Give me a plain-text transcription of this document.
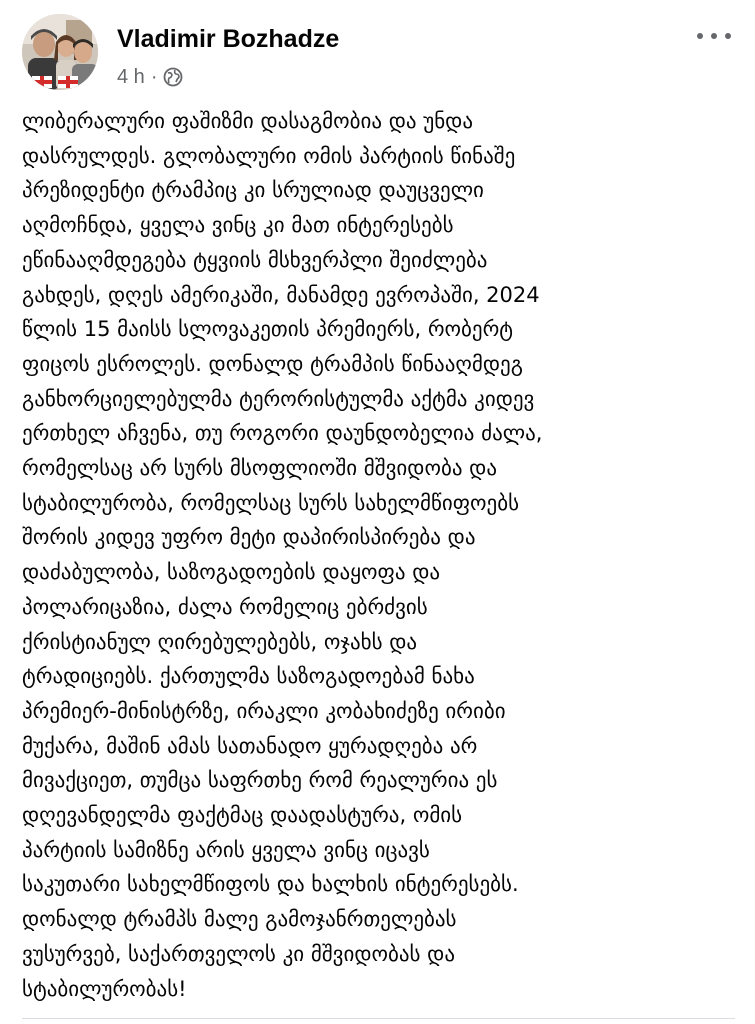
Vladimir Bozhadze
4 h ·
ლიბერალური ფაშიზმი დასაგმობია და უნდა
დასრულდეს. გლობალური ომის პარტიის წინაშე
პრეზიდენტი ტრამპიც კი სრულიად დაუცველი
აღმოჩნდა, ყველა ვინც კი მათ ინტერესებს
ეწინააღმდეგება ტყვიის მსხვერპლი შეიძლება
გახდეს, დღეს ამერიკაში, მანამდე ევროპაში, 2024
წლის 15 მაისს სლოვაკეთის პრემიერს, რობერტ
ფიცოს ესროლეს. დონალდ ტრამპის წინააღმდეგ
განხორციელებულმა ტერორისტულმა აქტმა კიდევ
ერთხელ აჩვენა, თუ როგორი დაუნდობელია ძალა,
რომელსაც არ სურს მსოფლიოში მშვიდობა და
სტაბილურობა, რომელსაც სურს სახელმწიფოებს
შორის კიდევ უფრო მეტი დაპირისპირება და
დაძაბულობა, საზოგადოების დაყოფა და
პოლარიცაზია, ძალა რომელიც ებრძვის
ქრისტიანულ ღირებულებებს, ოჯახს და
ტრადიციებს. ქართულმა საზოგადოებამ ნახა
პრემიერ-მინისტრზე, ირაკლი კობახიძეზე ირიბი
მუქარა, მაშინ ამას სათანადო ყურადღება არ
მივაქციეთ, თუმცა საფრთხე რომ რეალურია ეს
დღევანდელმა ფაქტმაც დაადასტურა, ომის
პარტიის სამიზნე არის ყველა ვინც იცავს
საკუთარი სახელმწიფოს და ხალხის ინტერესებს.
დონალდ ტრამპს მალე გამოჯანრთელებას
ვუსურვებ, საქართველოს კი მშვიდობას და
სტაბილურობას!
